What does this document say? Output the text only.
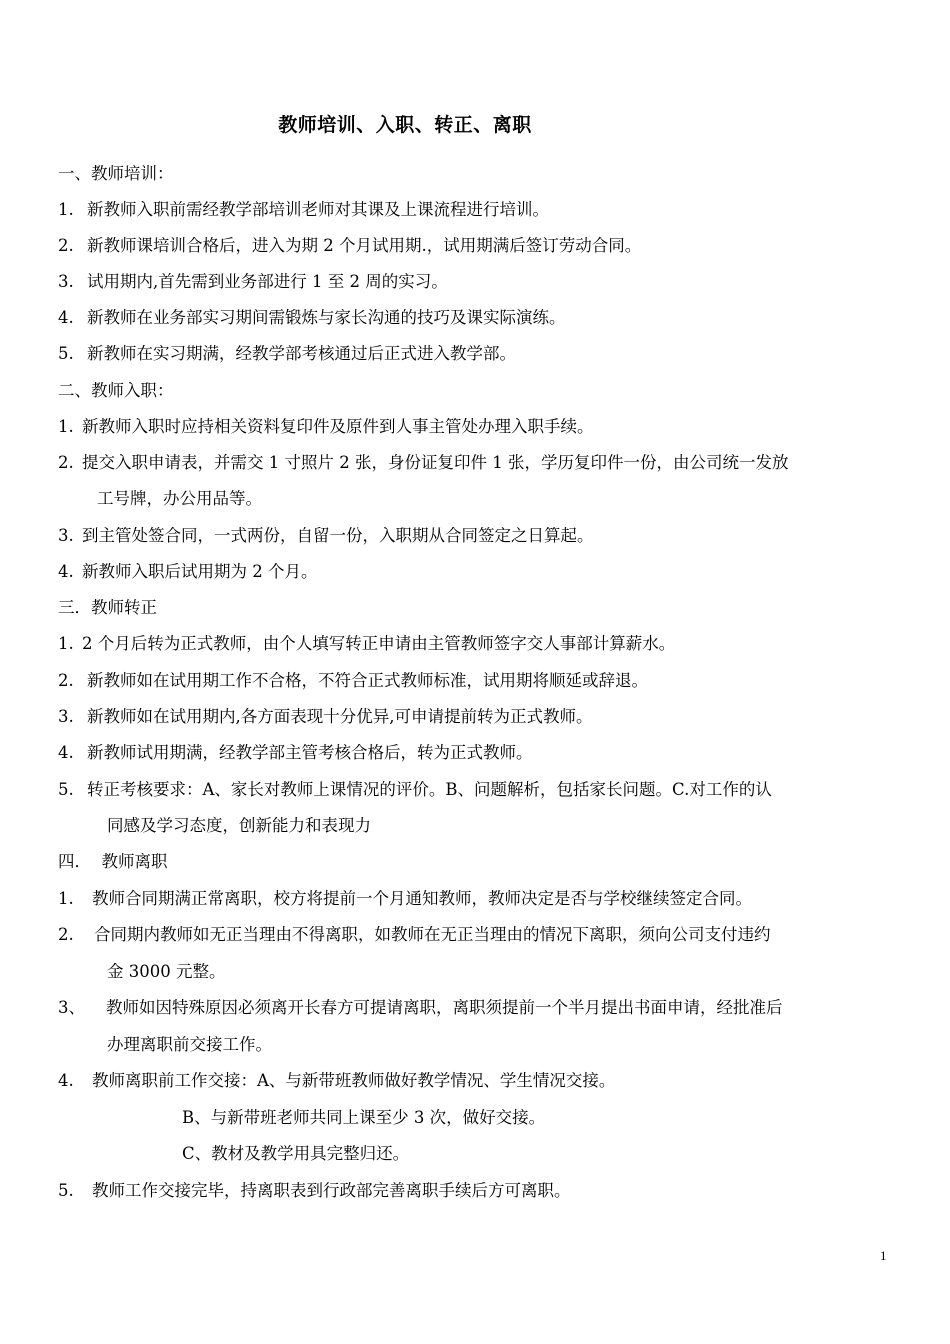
教师培训、入职、转正、离职
一、教师培训：
1. 新教师入职前需经教学部培训老师对其课及上课流程进行培训。
2. 新教师课培训合格后，进入为期 2 个月试用期.，试用期满后签订劳动合同。
3. 试用期内,首先需到业务部进行 1 至 2 周的实习。
4. 新教师在业务部实习期间需锻炼与家长沟通的技巧及课实际演练。
5. 新教师在实习期满，经教学部考核通过后正式进入教学部。
二、教师入职：
1. 新教师入职时应持相关资料复印件及原件到人事主管处办理入职手续。
2. 提交入职申请表，并需交 1 寸照片 2 张，身份证复印件 1 张，学历复印件一份，由公司统一发放
工号牌，办公用品等。
3. 到主管处签合同，一式两份，自留一份，入职期从合同签定之日算起。
4. 新教师入职后试用期为 2 个月。
三．教师转正
1. 2 个月后转为正式教师，由个人填写转正申请由主管教师签字交人事部计算薪水。
2. 新教师如在试用期工作不合格，不符合正式教师标准，试用期将顺延或辞退。
3. 新教师如在试用期内,各方面表现十分优异,可申请提前转为正式教师。
4. 新教师试用期满，经教学部主管考核合格后，转为正式教师。
5. 转正考核要求：A、家长对教师上课情况的评价。B、问题解析，包括家长问题。C.对工作的认
同感及学习态度，创新能力和表现力
四．  教师离职
1. 教师合同期满正常离职，校方将提前一个月通知教师，教师决定是否与学校继续签定合同。
2. 合同期内教师如无正当理由不得离职，如教师在无正当理由的情况下离职，须向公司支付违约
金 3000 元整。
3、 教师如因特殊原因必须离开长春方可提请离职，离职须提前一个半月提出书面申请，经批准后
办理离职前交接工作。
4. 教师离职前工作交接：A、与新带班教师做好教学情况、学生情况交接。
B、与新带班老师共同上课至少 3 次，做好交接。
C、教材及教学用具完整归还。
5. 教师工作交接完毕，持离职表到行政部完善离职手续后方可离职。
1
